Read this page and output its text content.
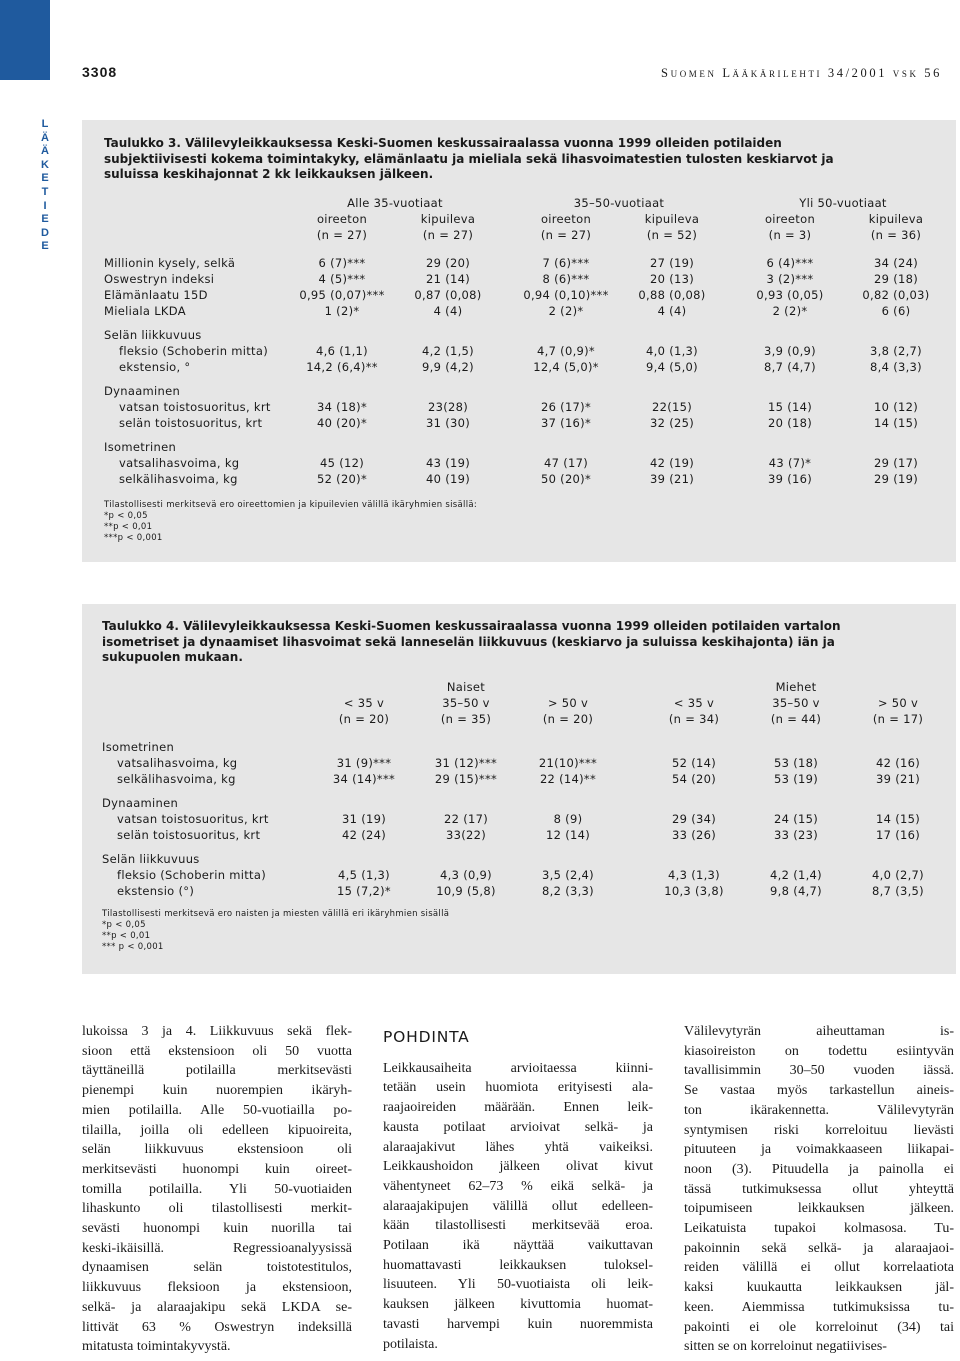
3308	Suomen Lääkärilehti 34/2001 vsk 56
L
Ä
Ä
K
E
T
I
E
D
E
Taulukko 3. Välilevyleikkauksessa Keski-Suomen keskussairaalassa vuonna 1999 olleiden potilaiden
subjektiivisesti kokema toimintakyky, elämänlaatu ja mieliala sekä lihasvoimatestien tulosten keskiarvot ja
suluissa keskihajonnat 2 kk leikkauksen jälkeen.
Alle 35-vuotiaat	35–50-vuotiaat	Yli 50-vuotiaat
oireeton	kipuileva	oireeton	kipuileva	oireeton	kipuileva
(n = 27)	(n = 27)	(n = 27)	(n = 52)	(n = 3)	(n = 36)
Millionin kysely, selkä	6 (7)***	29 (20)	7 (6)***	27 (19)	6 (4)***	34 (24)
Oswestryn indeksi	4 (5)***	21 (14)	8 (6)***	20 (13)	3 (2)***	29 (18)
Elämänlaatu 15D	0,95 (0,07)***	0,87 (0,08)	0,94 (0,10)***	0,88 (0,08)	0,93 (0,05)	0,82 (0,03)
Mieliala LKDA	1 (2)*	4 (4)	2 (2)*	4 (4)	2 (2)*	6 (6)
Selän liikkuvuus
fleksio (Schoberin mitta)	4,6 (1,1)	4,2 (1,5)	4,7 (0,9)*	4,0 (1,3)	3,9 (0,9)	3,8 (2,7)
ekstensio, °	14,2 (6,4)**	9,9 (4,2)	12,4 (5,0)*	9,4 (5,0)	8,7 (4,7)	8,4 (3,3)
Dynaaminen
vatsan toistosuoritus, krt	34 (18)*	23(28)	26 (17)*	22(15)	15 (14)	10 (12)
selän toistosuoritus, krt	40 (20)*	31 (30)	37 (16)*	32 (25)	20 (18)	14 (15)
Isometrinen
vatsalihasvoima, kg	45 (12)	43 (19)	47 (17)	42 (19)	43 (7)*	29 (17)
selkälihasvoima, kg	52 (20)*	40 (19)	50 (20)*	39 (21)	39 (16)	29 (19)
Tilastollisesti merkitsevä ero oireettomien ja kipuilevien välillä ikäryhmien sisällä:
*p < 0,05
**p < 0,01
***p < 0,001
Taulukko 4. Välilevyleikkauksessa Keski-Suomen keskussairaalassa vuonna 1999 olleiden potilaiden vartalon
isometriset ja dynaamiset lihasvoimat sekä lanneselän liikkuvuus (keskiarvo ja suluissa keskihajonta) iän ja
sukupuolen mukaan.
Naiset	Miehet
< 35 v	35–50 v	> 50 v	< 35 v	35–50 v	> 50 v
(n = 20)	(n = 35)	(n = 20)	(n = 34)	(n = 44)	(n = 17)
Isometrinen
vatsalihasvoima, kg	31 (9)***	31 (12)***	21(10)***	52 (14)	53 (18)	42 (16)
selkälihasvoima, kg	34 (14)***	29 (15)***	22 (14)**	54 (20)	53 (19)	39 (21)
Dynaaminen
vatsan toistosuoritus, krt	31 (19)	22 (17)	8 (9)	29 (34)	24 (15)	14 (15)
selän toistosuoritus, krt	42 (24)	33(22)	12 (14)	33 (26)	33 (23)	17 (16)
Selän liikkuvuus
fleksio (Schoberin mitta)	4,5 (1,3)	4,3 (0,9)	3,5 (2,4)	4,3 (1,3)	4,2 (1,4)	4,0 (2,7)
ekstensio (°)	15 (7,2)*	10,9 (5,8)	8,2 (3,3)	10,3 (3,8)	9,8 (4,7)	8,7 (3,5)
Tilastollisesti merkitsevä ero naisten ja miesten välillä eri ikäryhmien sisällä
*p < 0,05
**p < 0,01
*** p < 0,001
lukoissa 3 ja 4. Liikkuvuus sekä flek-
sioon että ekstensioon oli 50 vuotta
täyttäneillä potilailla merkitsevästi
pienempi kuin nuorempien ikäryh-
mien potilailla. Alle 50-vuotiailla po-
tilailla, joilla oli edelleen kipuoireita,
selän liikkuvuus ekstensioon oli
merkitsevästi huonompi kuin oireet-
tomilla potilailla. Yli 50-vuotiaiden
lihaskunto oli tilastollisesti merkit-
sevästi huonompi kuin nuorilla tai
keski-ikäisillä. Regressioanalyysissä
dynaamisen selän toistotestitulos,
liikkuvuus fleksioon ja ekstensioon,
selkä- ja alaraajakipu sekä LKDA se-
littivät 63 % Oswestryn indeksillä
mitatusta toimintakyvystä.
POHDINTA
Leikkausaiheita arvioitaessa kiinni-
tetään usein huomiota erityisesti ala-
raajaoireiden määrään. Ennen leik-
kausta potilaat arvioivat selkä- ja
alaraajakivut lähes yhtä vaikeiksi.
Leikkaushoidon jälkeen olivat kivut
vähentyneet 62–73 % eikä selkä- ja
alaraajakipujen välillä ollut edelleen-
kään tilastollisesti merkitsevää eroa.
Potilaan ikä näyttää vaikuttavan
huomattavasti leikkauksen tuloksel-
lisuuteen. Yli 50-vuotiaista oli leik-
kauksen jälkeen kivuttomia huomat-
tavasti harvempi kuin nuoremmista
potilaista.
Välilevytyrän aiheuttaman is-
kiasoireiston on todettu esiintyvän
tavallisimmin 30–50 vuoden iässä.
Se vastaa myös tarkastellun aineis-
ton ikärakennetta. Välilevytyrän
syntymisen riski korreloituu lievästi
pituuteen ja voimakkaaseen liikapai-
noon (3). Pituudella ja painolla ei
tässä tutkimuksessa ollut yhteyttä
toipumiseen leikkauksen jälkeen.
Leikatuista tupakoi kolmasosa. Tu-
pakoinnin sekä selkä- ja alaraajaoi-
reiden välillä ei ollut korrelaatiota
kaksi kuukautta leikkauksen jäl-
keen. Aiemmissa tutkimuksissa tu-
pakointi ei ole korreloinut (34) tai
sitten se on korreloinut negatiivises-
